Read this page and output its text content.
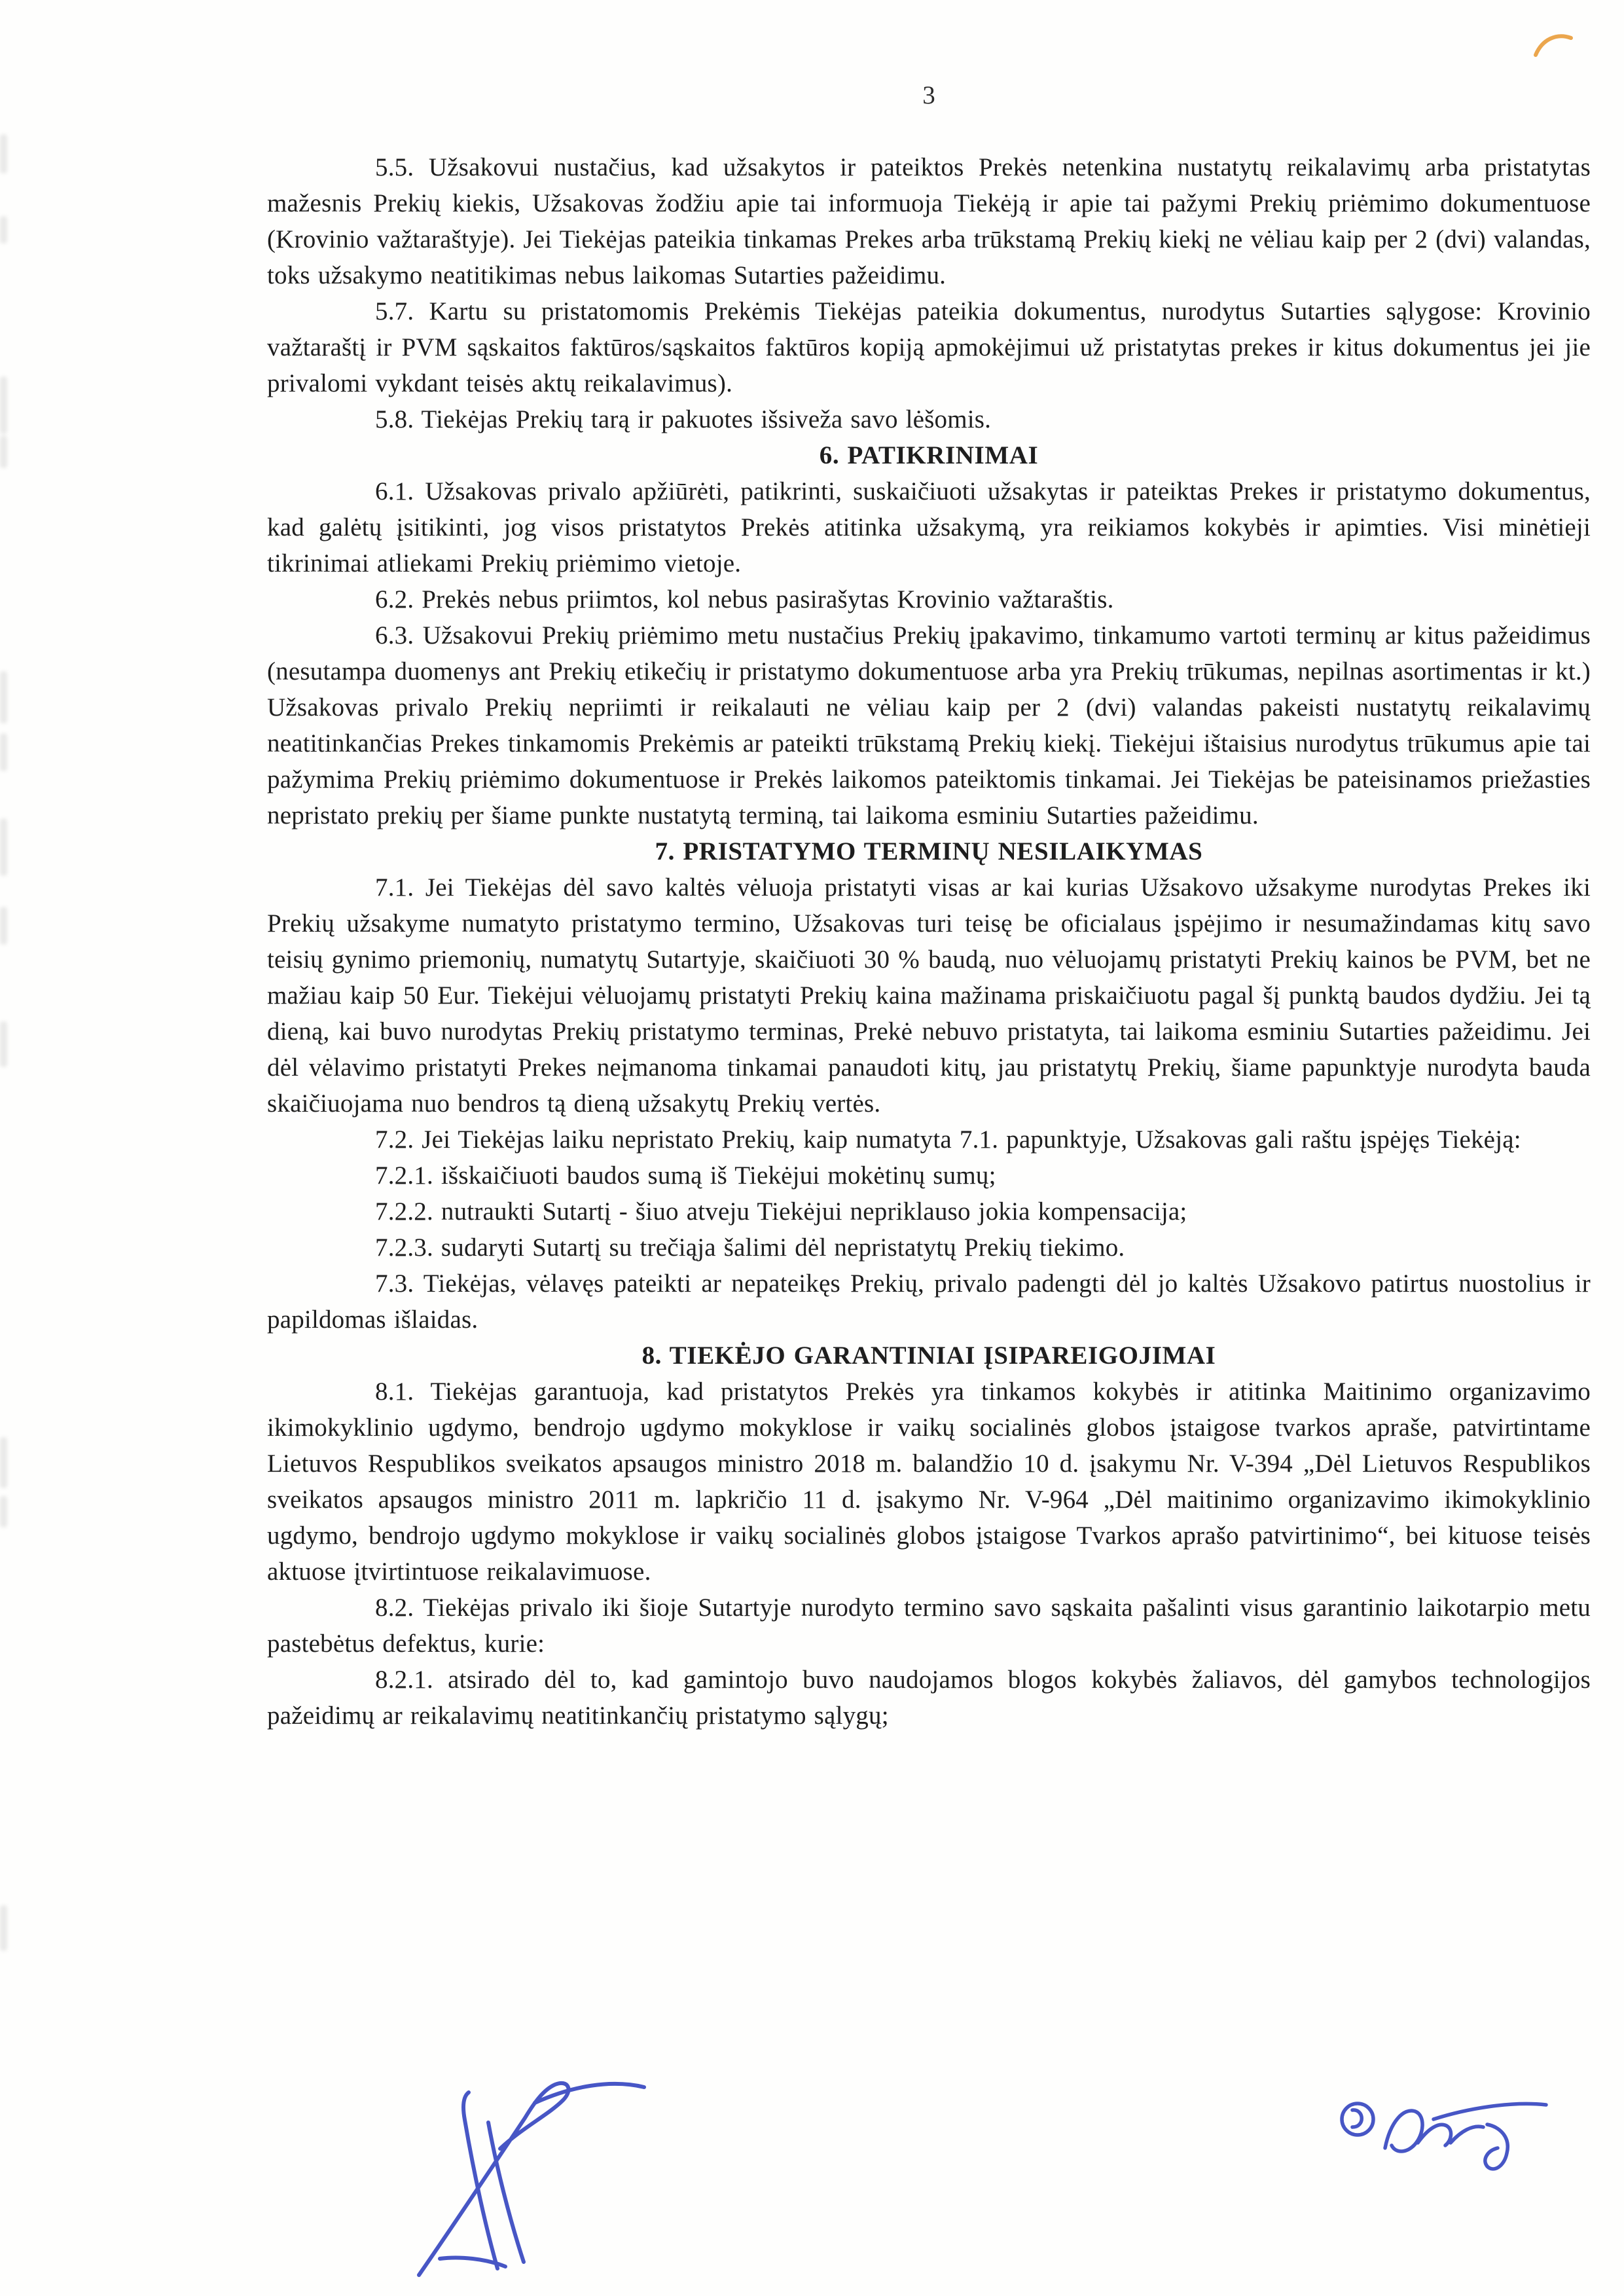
3

5.5. Užsakovui nustačius, kad užsakytos ir pateiktos Prekės netenkina nustatytų reikalavimų arba pristatytas mažesnis Prekių kiekis, Užsakovas žodžiu apie tai informuoja Tiekėją ir apie tai pažymi Prekių priėmimo dokumentuose (Krovinio važtaraštyje). Jei Tiekėjas pateikia tinkamas Prekes arba trūkstamą Prekių kiekį ne vėliau kaip per 2 (dvi) valandas, toks užsakymo neatitikimas nebus laikomas Sutarties pažeidimu.

5.7. Kartu su pristatomomis Prekėmis Tiekėjas pateikia dokumentus, nurodytus Sutarties sąlygose: Krovinio važtaraštį ir PVM sąskaitos faktūros/sąskaitos faktūros kopiją apmokėjimui už pristatytas prekes ir kitus dokumentus jei jie privalomi vykdant teisės aktų reikalavimus).

5.8. Tiekėjas Prekių tarą ir pakuotes išsiveža savo lėšomis.

6. PATIKRINIMAI

6.1. Užsakovas privalo apžiūrėti, patikrinti, suskaičiuoti užsakytas ir pateiktas Prekes ir pristatymo dokumentus, kad galėtų įsitikinti, jog visos pristatytos Prekės atitinka užsakymą, yra reikiamos kokybės ir apimties. Visi minėtieji tikrinimai atliekami Prekių priėmimo vietoje.

6.2. Prekės nebus priimtos, kol nebus pasirašytas Krovinio važtaraštis.

6.3. Užsakovui Prekių priėmimo metu nustačius Prekių įpakavimo, tinkamumo vartoti terminų ar kitus pažeidimus (nesutampa duomenys ant Prekių etikečių ir pristatymo dokumentuose arba yra Prekių trūkumas, nepilnas asortimentas ir kt.) Užsakovas privalo Prekių nepriimti ir reikalauti ne vėliau kaip per 2 (dvi) valandas pakeisti nustatytų reikalavimų neatitinkančias Prekes tinkamomis Prekėmis ar pateikti trūkstamą Prekių kiekį. Tiekėjui ištaisius nurodytus trūkumus apie tai pažymima Prekių priėmimo dokumentuose ir Prekės laikomos pateiktomis tinkamai. Jei Tiekėjas be pateisinamos priežasties nepristato prekių per šiame punkte nustatytą terminą, tai laikoma esminiu Sutarties pažeidimu.

7. PRISTATYMO TERMINŲ NESILAIKYMAS

7.1. Jei Tiekėjas dėl savo kaltės vėluoja pristatyti visas ar kai kurias Užsakovo užsakyme nurodytas Prekes iki Prekių užsakyme numatyto pristatymo termino, Užsakovas turi teisę be oficialaus įspėjimo ir nesumažindamas kitų savo teisių gynimo priemonių, numatytų Sutartyje, skaičiuoti 30 % baudą, nuo vėluojamų pristatyti Prekių kainos be PVM, bet ne mažiau kaip 50 Eur. Tiekėjui vėluojamų pristatyti Prekių kaina mažinama priskaičiuotu pagal šį punktą baudos dydžiu. Jei tą dieną, kai buvo nurodytas Prekių pristatymo terminas, Prekė nebuvo pristatyta, tai laikoma esminiu Sutarties pažeidimu. Jei dėl vėlavimo pristatyti Prekes neįmanoma tinkamai panaudoti kitų, jau pristatytų Prekių, šiame papunktyje nurodyta bauda skaičiuojama nuo bendros tą dieną užsakytų Prekių vertės.

7.2. Jei Tiekėjas laiku nepristato Prekių, kaip numatyta 7.1. papunktyje, Užsakovas gali raštu įspėjęs Tiekėją:

7.2.1. išskaičiuoti baudos sumą iš Tiekėjui mokėtinų sumų;

7.2.2. nutraukti Sutartį - šiuo atveju Tiekėjui nepriklauso jokia kompensacija;

7.2.3. sudaryti Sutartį su trečiąja šalimi dėl nepristatytų Prekių tiekimo.

7.3. Tiekėjas, vėlavęs pateikti ar nepateikęs Prekių, privalo padengti dėl jo kaltės Užsakovo patirtus nuostolius ir papildomas išlaidas.

8. TIEKĖJO GARANTINIAI ĮSIPAREIGOJIMAI

8.1. Tiekėjas garantuoja, kad pristatytos Prekės yra tinkamos kokybės ir atitinka Maitinimo organizavimo ikimokyklinio ugdymo, bendrojo ugdymo mokyklose ir vaikų socialinės globos įstaigose tvarkos apraše, patvirtintame Lietuvos Respublikos sveikatos apsaugos ministro 2018 m. balandžio 10 d. įsakymu Nr. V-394 „Dėl Lietuvos Respublikos sveikatos apsaugos ministro 2011 m. lapkričio 11 d. įsakymo Nr. V-964 „Dėl maitinimo organizavimo ikimokyklinio ugdymo, bendrojo ugdymo mokyklose ir vaikų socialinės globos įstaigose Tvarkos aprašo patvirtinimo“, bei kituose teisės aktuose įtvirtintuose reikalavimuose.

8.2. Tiekėjas privalo iki šioje Sutartyje nurodyto termino savo sąskaita pašalinti visus garantinio laikotarpio metu pastebėtus defektus, kurie:

8.2.1. atsirado dėl to, kad gamintojo buvo naudojamos blogos kokybės žaliavos, dėl gamybos technologijos pažeidimų ar reikalavimų neatitinkančių pristatymo sąlygų;
